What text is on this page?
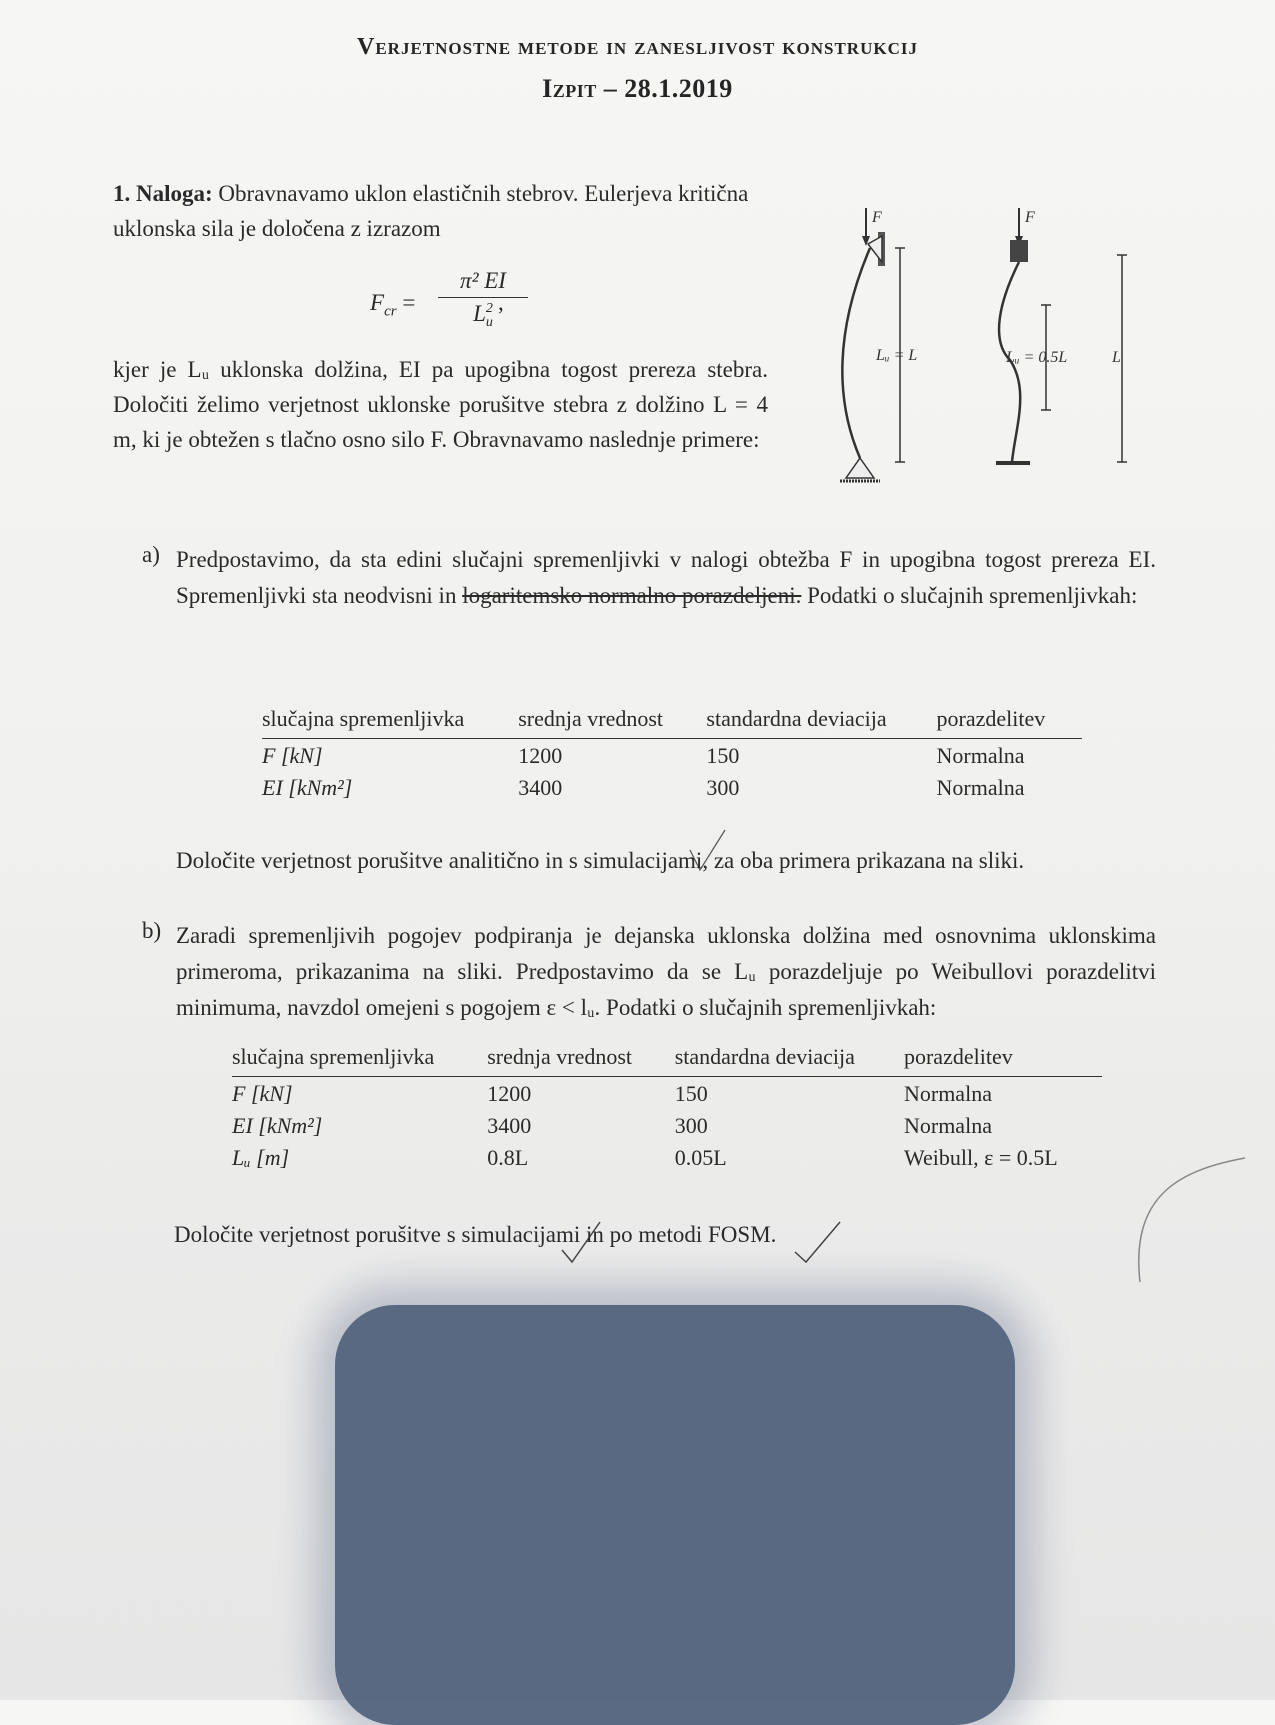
Verjetnostne metode in zanesljivost konstrukcij
Izpit – 28.1.2019
1. Naloga: Obravnavamo uklon elastičnih stebrov. Eulerjeva kritična uklonska sila je določena z izrazom
$F_{cr} = \pi^2$ EI
L 2
u
,
kjer je Lᵤ uklonska dolžina, EI pa upogibna togost prereza stebra. Določiti želimo verjetnost uklonske porušitve stebra z dolžino L = 4 m, ki je obtežen s tlačno osno silo F. Obravnavamo naslednje primere:
F	F
Lᵤ = L	Lᵤ = 0.5L	L
a) Predpostavimo, da sta edini slučajni spremenljivki v nalogi obtežba F in upogibna togost prereza EI. Spremenljivki sta neodvisni in logaritemsko normalno porazdeljeni. Podatki o slučajnih spremenljivkah:
slučajna spremenljivka	srednja vrednost	standardna deviacija	porazdelitev
F [kN]	1200	150	Normalna
EI [kNm²]	3400	300	Normalna
Določite verjetnost porušitve analitično in s simulacijami, za oba primera prikazana na sliki.
b) Zaradi spremenljivih pogojev podpiranja je dejanska uklonska dolžina med osnovnima uklonskima primeroma, prikazanima na sliki. Predpostavimo da se Lᵤ porazdeljuje po Weibullovi porazdelitvi minimuma, navzdol omejeni s pogojem ε < lᵤ. Podatki o slučajnih spremenljivkah:
slučajna spremenljivka	srednja vrednost	standardna deviacija	porazdelitev
F [kN]	1200	150	Normalna
EI [kNm²]	3400	300	Normalna
Lᵤ [m]	0.8L	0.05L	Weibull, ε = 0.5L
Določite verjetnost porušitve s simulacijami in po metodi FOSM.
